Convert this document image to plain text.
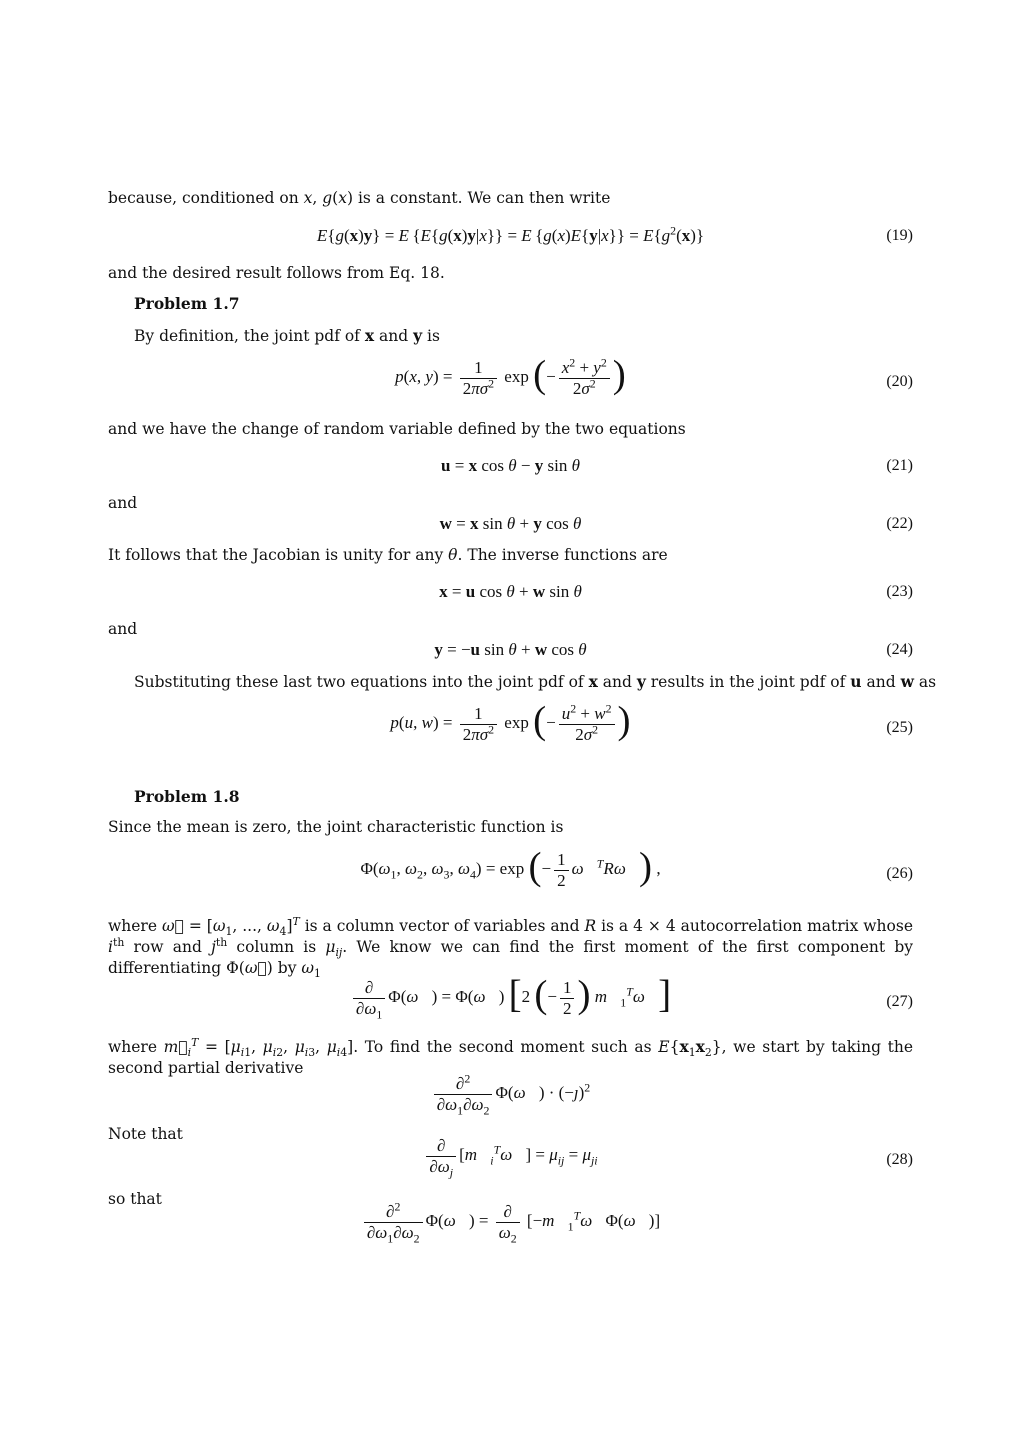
because, conditioned on x, g(x) is a constant. We can then write
E{g(x)y} = E {E{g(x)y|x}} = E $\{g(x)E\{y|x\}\} = E\{g^2(x)\}$	(19)
and the desired result follows from Eq. 18.
Problem 1.7
By definition, the joint pdf of x and y is
p(x, $y) = \frac{1}{2\pi\sigma^2}$ exp (− $\frac{x^2 + y^2}{2\sigma^2}$ )	(20)
and we have the change of random variable defined by the two equations
u = x cos θ − y sin θ	(21)
and
w = x sin θ + y cos θ	(22)
It follows that the Jacobian is unity for any θ. The inverse functions are
x = u cos θ + w sin θ	(23)
and
y = −u sin θ + w cos θ	(24)
Substituting these last two equations into the joint pdf of x and y results in the joint pdf of u and w as
p(u, $w) = \frac{1}{2\pi\sigma^2}$ exp (− $\frac{u^2 + w^2}{2\sigma^2}$ )	(25)
Problem 1.8
Since the mean is zero, the joint characteristic function is
$\Phi(\omega_1$, $\omega_2$, $\omega_3$, $\omega_4) = \exp$ (− $\frac{1}{2}$ ω⃗$^T$Rω⃗) ,	(26)
where ω⃗ = [$\omega_1$, ..., $\omega_4]^T$ is a column vector of variables and R is a 4 × 4 autocorrelation matrix whose $i^{th}$ row and $j^{th}$ column is $\mu_{ij}$. We know we can find the first moment of the first component by differentiating Φ(ω⃗) by $\omega_1$
$\frac{\partial}{\partial\omega_1}$ Φ(ω⃗) = Φ(ω⃗) [2 (− $\frac{1}{2}$ ) $m⃗_1^T\omega⃗$]	(27)
where $m⃗_i^T = [\mu_{i1}$, $\mu_{i2}$, $\mu_{i3}$, $\mu_{i4}$]. To find the second moment such as $E\{x_1x_2\}$, we start by taking the second partial derivative
$\frac{\partial^2}{\partial\omega_1\partial\omega_2}$ Φ(ω⃗) · (−ȷ)$^2$
Note that
$\frac{\partial}{\partial\omega_j}$ $[m⃗_i^T\omega⃗] = \mu_{ij} = \mu_{ji}$	(28)
so that
$\frac{\partial^2}{\partial\omega_1\partial\omega_2}$ Φ(ω⃗) = $\frac{\partial}{\omega_2}$ $[-m⃗_1^T\omega⃗\Phi(\omega⃗)]$
